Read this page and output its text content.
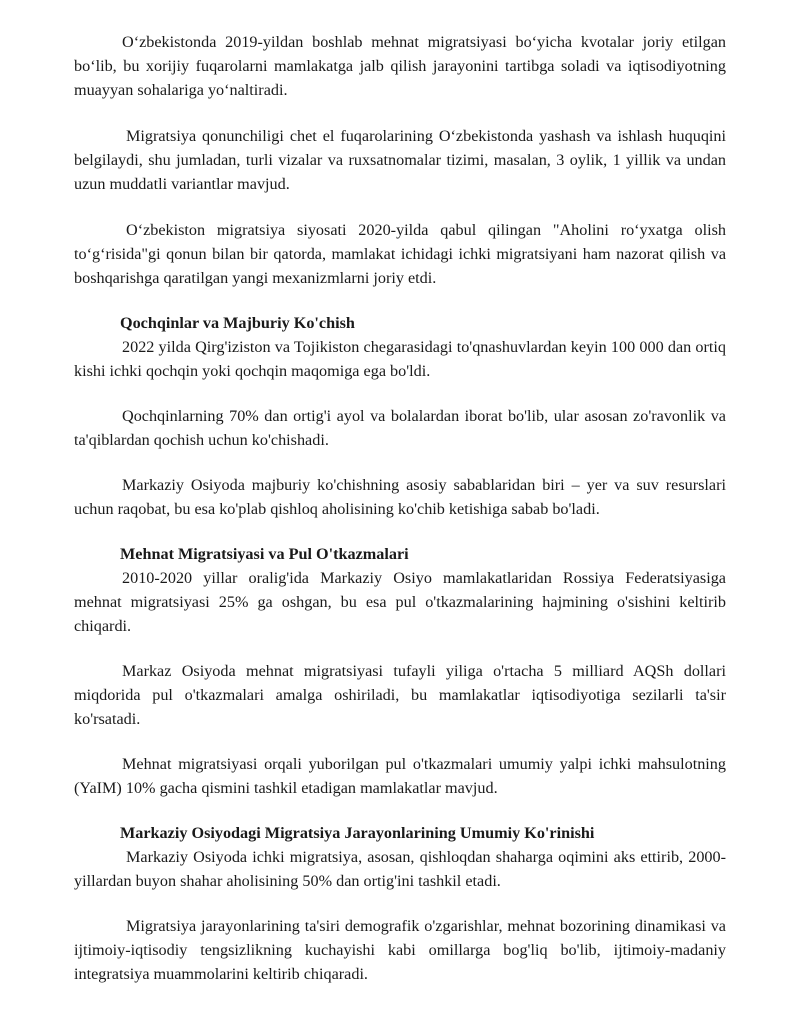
O‘zbekistonda 2019-yildan boshlab mehnat migratsiyasi bo‘yicha kvotalar joriy etilgan bo‘lib, bu xorijiy fuqarolarni mamlakatga jalb qilish jarayonini tartibga soladi va iqtisodiyotning muayyan sohalariga yo‘naltiradi.

Migratsiya qonunchiligi chet el fuqarolarining O‘zbekistonda yashash va ishlash huquqini belgilaydi, shu jumladan, turli vizalar va ruxsatnomalar tizimi, masalan, 3 oylik, 1 yillik va undan uzun muddatli variantlar mavjud.

O‘zbekiston migratsiya siyosati 2020-yilda qabul qilingan "Aholini ro‘yxatga olish to‘g‘risida"gi qonun bilan bir qatorda, mamlakat ichidagi ichki migratsiyani ham nazorat qilish va boshqarishga qaratilgan yangi mexanizmlarni joriy etdi.

Qochqinlar va Majburiy Ko'chish

2022 yilda Qirg'iziston va Tojikiston chegarasidagi to'qnashuvlardan keyin 100 000 dan ortiq kishi ichki qochqin yoki qochqin maqomiga ega bo'ldi.

Qochqinlarning 70% dan ortig'i ayol va bolalardan iborat bo'lib, ular asosan zo'ravonlik va ta'qiblardan qochish uchun ko'chishadi.

Markaziy Osiyoda majburiy ko'chishning asosiy sabablaridan biri – yer va suv resurslari uchun raqobat, bu esa ko'plab qishloq aholisining ko'chib ketishiga sabab bo'ladi.

Mehnat Migratsiyasi va Pul O'tkazmalari

2010-2020 yillar oralig'ida Markaziy Osiyo mamlakatlaridan Rossiya Federatsiyasiga mehnat migratsiyasi 25% ga oshgan, bu esa pul o'tkazmalarining hajmining o'sishini keltirib chiqardi.

Markaz Osiyoda mehnat migratsiyasi tufayli yiliga o'rtacha 5 milliard AQSh dollari miqdorida pul o'tkazmalari amalga oshiriladi, bu mamlakatlar iqtisodiyotiga sezilarli ta'sir ko'rsatadi.

Mehnat migratsiyasi orqali yuborilgan pul o'tkazmalari umumiy yalpi ichki mahsulotning (YaIM) 10% gacha qismini tashkil etadigan mamlakatlar mavjud.

Markaziy Osiyodagi Migratsiya Jarayonlarining Umumiy Ko'rinishi

Markaziy Osiyoda ichki migratsiya, asosan, qishloqdan shaharga oqimini aks ettirib, 2000-yillardan buyon shahar aholisining 50% dan ortig'ini tashkil etadi.

Migratsiya jarayonlarining ta'siri demografik o'zgarishlar, mehnat bozorining dinamikasi va ijtimoiy-iqtisodiy tengsizlikning kuchayishi kabi omillarga bog'liq bo'lib, ijtimoiy-madaniy integratsiya muammolarini keltirib chiqaradi.
